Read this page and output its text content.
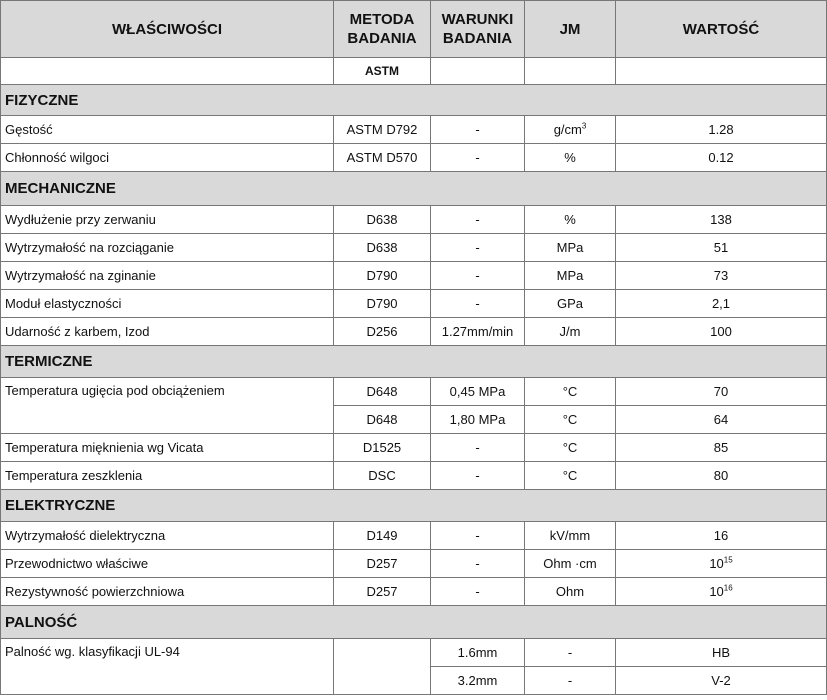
WŁAŚCIWOŚCI	METODA BADANIA	WARUNKI BADANIA	JM	WARTOŚĆ
	ASTM			
FIZYCZNE				
Gęstość	ASTM D792	-	$g/cm^3$	1.28
Chłonność wilgoci	ASTM D570	-	%	0.12
MECHANICZNE				
Wydłużenie przy zerwaniu	D638	-	%	138
Wytrzymałość na rozciąganie	D638	-	MPa	51
Wytrzymałość na zginanie	D790	-	MPa	73
Moduł elastyczności	D790	-	GPa	2,1
Udarność z karbem, Izod	D256	1.27mm/min	J/m	100
TERMICZNE				
Temperatura ugięcia pod obciążeniem	D648	0,45 MPa	°C	70
	D648	1,80 MPa	°C	64
Temperatura mięknienia wg Vicata	D1525	-	°C	85
Temperatura zeszklenia	DSC	-	°C	80
ELEKTRYCZNE				
Wytrzymałość dielektryczna	D149	-	kV/mm	16
Przewodnictwo właściwe	D257	-	Ohm ·cm	$10^{15}$
Rezystywność powierzchniowa	D257	-	Ohm	$10^{16}$
PALNOŚĆ				
Palność wg. klasyfikacji UL-94		1.6mm	-	HB
		3.2mm	-	V-2
